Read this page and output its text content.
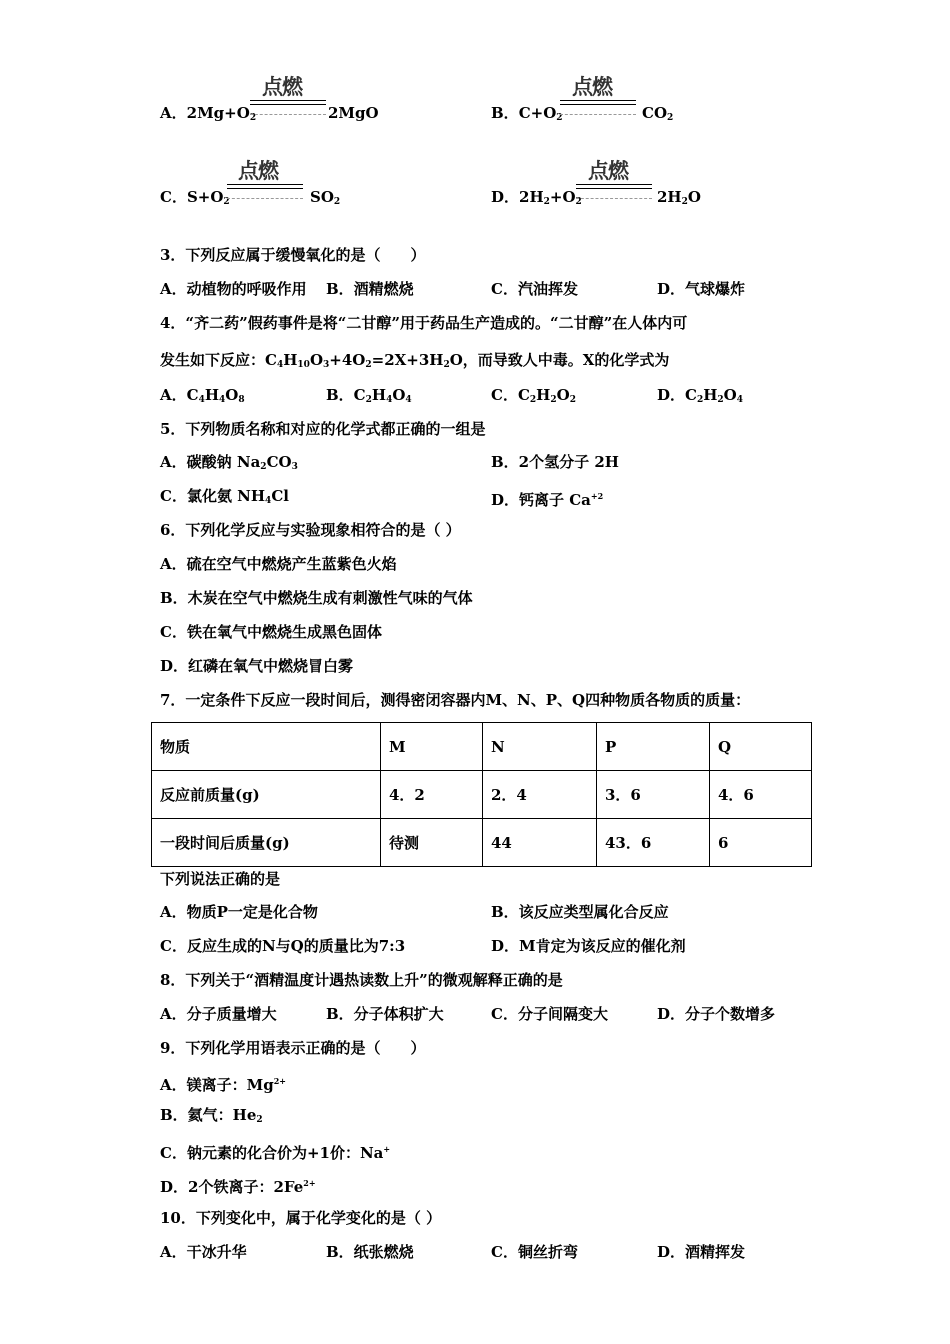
A．$2Mg+O_2$
点燃
2MgO	B．$C+O_2$
点燃
$CO_2$
C．$S+O_2$
点燃
$SO_2$	D．$2H_2+O_2$
点燃
$2H_2O$
3．下列反应属于缓慢氧化的是（　　）
A．动植物的呼吸作用 B．酒精燃烧	C．汽油挥发	D．气球爆炸
4．“齐二药”假药事件是将“二甘醇”用于药品生产造成的。“二甘醇”在人体内可
发生如下反应：$C_4H_{10}O_3+4O_2=2X+3H_2O$，而导致人中毒。X的化学式为
A．$C_4H_4O_8$	B．$C_2H_4O_4$	C．$C_2H_2O_2$	D．$C_2H_2O_4$
5．下列物质名称和对应的化学式都正确的一组是
A．碳酸钠 $Na_2CO_3$	B．2个氢分子 2H
C．氯化氨 $NH_4Cl$	D．钙离子 $Ca^{+2}$
6．下列化学反应与实验现象相符合的是（ ）
A．硫在空气中燃烧产生蓝紫色火焰
B．木炭在空气中燃烧生成有刺激性气味的气体
C．铁在氧气中燃烧生成黑色固体
D．红磷在氧气中燃烧冒白雾
7．一定条件下反应一段时间后，测得密闭容器内M、N、P、Q四种物质各物质的质量：
物质	M	N	P	Q
反应前质量(g)	4．2	2．4	3．6	4．6
一段时间后质量(g)	待测	44	43．6	6
下列说法正确的是
A．物质P一定是化合物	B．该反应类型属化合反应
C．反应生成的N与Q的质量比为7:3	D．M肯定为该反应的催化剂
8．下列关于“酒精温度计遇热读数上升”的微观解释正确的是
A．分子质量增大	B．分子体积扩大	C．分子间隔变大	D．分子个数增多
9．下列化学用语表示正确的是（　　）
A．镁离子：$Mg^{2+}$
B．氦气：$He_2$
C．钠元素的化合价为+1价：Na+
D．2个铁离子：$2Fe^{2+}$
10．下列变化中，属于化学变化的是（ ）
A．干冰升华	B．纸张燃烧	C．铜丝折弯	D．酒精挥发
